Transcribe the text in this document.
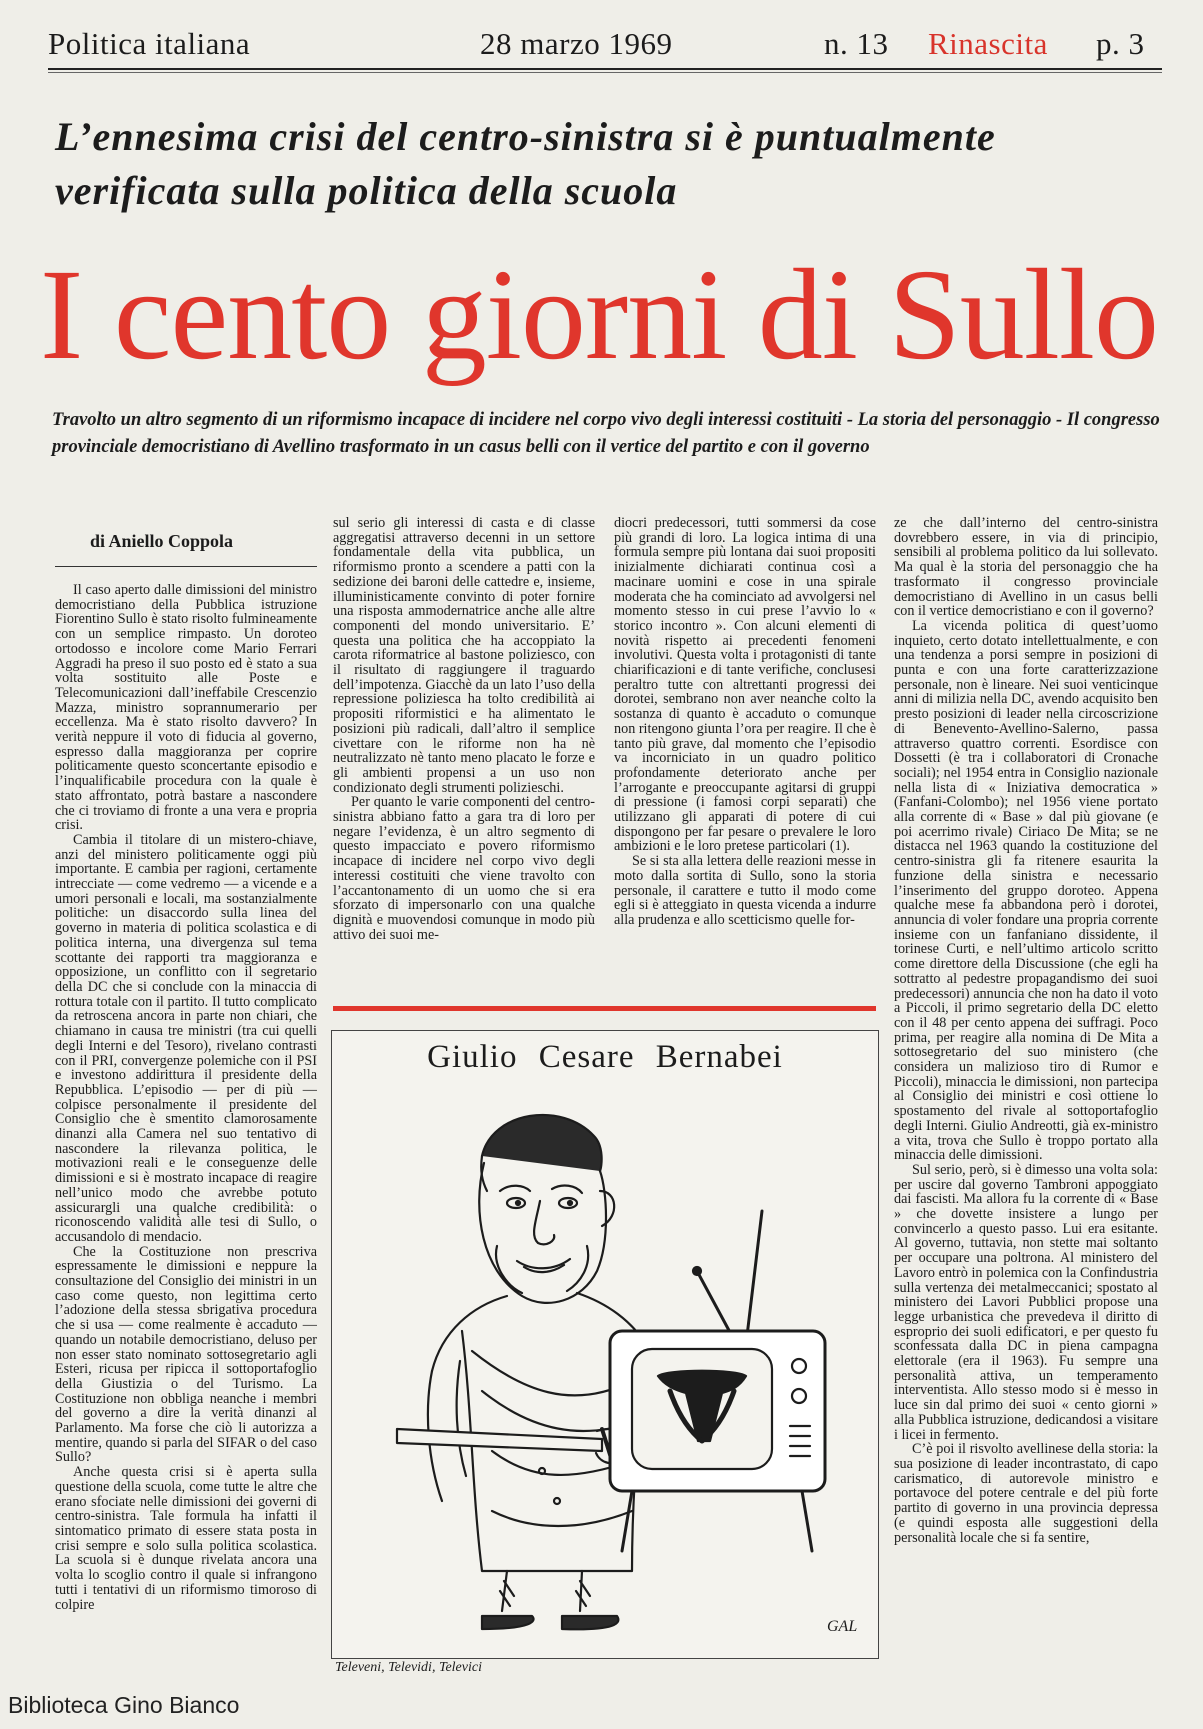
Politica italiana	28 marzo 1969	n. 13 Rinascita p. 3
L’ennesima crisi del centro-sinistra si è puntualmente verificata sulla politica della scuola
I cento giorni di Sullo
Travolto un altro segmento di un riformismo incapace di incidere nel corpo vivo degli interessi costituiti - La storia del personaggio - Il congresso provinciale democristiano di Avellino trasformato in un casus belli con il vertice del partito e con il governo
di Aniello Coppola

Il caso aperto dalle dimissioni del ministro democristiano della Pubblica istruzione Fiorentino Sullo è stato risolto fulmineamente con un semplice rimpasto. Un doroteo ortodosso e incolore come Mario Ferrari Aggradi ha preso il suo posto ed è stato a sua volta sostituito alle Poste e Telecomunicazioni dall’ineffabile Crescenzio Mazza, ministro soprannumerario per eccellenza. Ma è stato risolto davvero? In verità neppure il voto di fiducia al governo, espresso dalla maggioranza per coprire politicamente questo sconcertante episodio e l’inqualificabile procedura con la quale è stato affrontato, potrà bastare a nascondere che ci troviamo di fronte a una vera e propria crisi.

Cambia il titolare di un mistero-chiave, anzi del ministero politicamente oggi più importante. E cambia per ragioni, certamente intrecciate — come vedremo — a vicende e a umori personali e locali, ma sostanzialmente politiche: un disaccordo sulla linea del governo in materia di politica scolastica e di politica interna, una divergenza sul tema scottante dei rapporti tra maggioranza e opposizione, un conflitto con il segretario della DC che si conclude con la minaccia di rottura totale con il partito. Il tutto complicato da retroscena ancora in parte non chiari, che chiamano in causa tre ministri (tra cui quelli degli Interni e del Tesoro), rivelano contrasti con il PRI, convergenze polemiche con il PSI e investono addirittura il presidente della Repubblica. L’episodio — per di più — colpisce personalmente il presidente del Consiglio che è smentito clamorosamente dinanzi alla Camera nel suo tentativo di nascondere la rilevanza politica, le motivazioni reali e le conseguenze delle dimissioni e si è mostrato incapace di reagire nell’unico modo che avrebbe potuto assicurargli una qualche credibilità: o riconoscendo validità alle tesi di Sullo, o accusandolo di mendacio.

Che la Costituzione non prescriva espressamente le dimissioni e neppure la consultazione del Consiglio dei ministri in un caso come questo, non legittima certo l’adozione della stessa sbrigativa procedura che si usa — come realmente è accaduto — quando un notabile democristiano, deluso per non esser stato nominato sottosegretario agli Esteri, ricusa per ripicca il sottoportafoglio della Giustizia o del Turismo. La Costituzione non obbliga neanche i membri del governo a dire la verità dinanzi al Parlamento. Ma forse che ciò li autorizza a mentire, quando si parla del SIFAR o del caso Sullo?

Anche questa crisi si è aperta sulla questione della scuola, come tutte le altre che erano sfociate nelle dimissioni dei governi di centro-sinistra. Tale formula ha infatti il sintomatico primato di essere stata posta in crisi sempre e solo sulla politica scolastica. La scuola si è dunque rivelata ancora una volta lo scoglio contro il quale si infrangono tutti i tentativi di un riformismo timoroso di colpire

sul serio gli interessi di casta e di classe aggregatisi attraverso decenni in un settore fondamentale della vita pubblica, un riformismo pronto a scendere a patti con la sedizione dei baroni delle cattedre e, insieme, illuministicamente convinto di poter fornire una risposta ammodernatrice anche alle altre componenti del mondo universitario. E’ questa una politica che ha accoppiato la carota riformatrice al bastone poliziesco, con il risultato di raggiungere il traguardo dell’impotenza. Giacchè da un lato l’uso della repressione poliziesca ha tolto credibilità ai propositi riformistici e ha alimentato le posizioni più radicali, dall’altro il semplice civettare con le riforme non ha nè neutralizzato nè tanto meno placato le forze e gli ambienti propensi a un uso non condizionato degli strumenti polizieschi.

Per quanto le varie componenti del centro-sinistra abbiano fatto a gara tra di loro per negare l’evidenza, è un altro segmento di questo impacciato e povero riformismo incapace di incidere nel corpo vivo degli interessi costituiti che viene travolto con l’accantonamento di un uomo che si era sforzato di impersonarlo con una qualche dignità e muovendosi comunque in modo più attivo dei suoi me-

diocri predecessori, tutti sommersi da cose più grandi di loro. La logica intima di una formula sempre più lontana dai suoi propositi inizialmente dichiarati continua così a macinare uomini e cose in una spirale moderata che ha cominciato ad avvolgersi nel momento stesso in cui prese l’avvio lo « storico incontro ». Con alcuni elementi di novità rispetto ai precedenti fenomeni involutivi. Questa volta i protagonisti di tante chiarificazioni e di tante verifiche, conclusesi peraltro tutte con altrettanti progressi dei dorotei, sembrano non aver neanche colto la sostanza di quanto è accaduto o comunque non ritengono giunta l’ora per reagire. Il che è tanto più grave, dal momento che l’episodio va incorniciato in un quadro politico profondamente deteriorato anche per l’arrogante e preoccupante agitarsi di gruppi di pressione (i famosi corpi separati) che utilizzano gli apparati di potere di cui dispongono per far pesare o prevalere le loro ambizioni e le loro pretese particolari (1).

Se si sta alla lettera delle reazioni messe in moto dalla sortita di Sullo, sono la storia personale, il carattere e tutto il modo come egli si è atteggiato in questa vicenda a indurre alla prudenza e allo scetticismo quelle for-

ze che dall’interno del centro-sinistra dovrebbero essere, in via di principio, sensibili al problema politico da lui sollevato. Ma qual è la storia del personaggio che ha trasformato il congresso provinciale democristiano di Avellino in un casus belli con il vertice democristiano e con il governo?

La vicenda politica di quest’uomo inquieto, certo dotato intellettualmente, e con una tendenza a porsi sempre in posizioni di punta e con una forte caratterizzazione personale, non è lineare. Nei suoi venticinque anni di milizia nella DC, avendo acquisito ben presto posizioni di leader nella circoscrizione di Benevento-Avellino-Salerno, passa attraverso quattro correnti. Esordisce con Dossetti (è tra i collaboratori di Cronache sociali); nel 1954 entra in Consiglio nazionale nella lista di « Iniziativa democratica » (Fanfani-Colombo); nel 1956 viene portato alla corrente di « Base » dal più giovane (e poi acerrimo rivale) Ciriaco De Mita; se ne distacca nel 1963 quando la costituzione del centro-sinistra gli fa ritenere esaurita la funzione della sinistra e necessario l’inserimento del gruppo doroteo. Appena qualche mese fa abbandona però i dorotei, annuncia di voler fondare una propria corrente insieme con un fanfaniano dissidente, il torinese Curti, e nell’ultimo articolo scritto come direttore della Discussione (che egli ha sottratto al pedestre propagandismo dei suoi predecessori) annuncia che non ha dato il voto a Piccoli, il primo segretario della DC eletto con il 48 per cento appena dei suffragi. Poco prima, per reagire alla nomina di De Mita a sottosegretario del suo ministero (che considera un malizioso tiro di Rumor e Piccoli), minaccia le dimissioni, non partecipa al Consiglio dei ministri e così ottiene lo spostamento del rivale al sottoportafoglio degli Interni. Giulio Andreotti, già ex-ministro a vita, trova che Sullo è troppo portato alla minaccia delle dimissioni.

Sul serio, però, si è dimesso una volta sola: per uscire dal governo Tambroni appoggiato dai fascisti. Ma allora fu la corrente di « Base » che dovette insistere a lungo per convincerlo a questo passo. Lui era esitante. Al governo, tuttavia, non stette mai soltanto per occupare una poltrona. Al ministero del Lavoro entrò in polemica con la Confindustria sulla vertenza dei metalmeccanici; spostato al ministero dei Lavori Pubblici propose una legge urbanistica che prevedeva il diritto di esproprio dei suoli edificatori, e per questo fu sconfessata dalla DC in piena campagna elettorale (era il 1963). Fu sempre una personalità attiva, un temperamento interventista. Allo stesso modo si è messo in luce sin dal primo dei suoi « cento giorni » alla Pubblica istruzione, dedicandosi a visitare i licei in fermento.

C’è poi il risvolto avellinese della storia: la sua posizione di leader incontrastato, di capo carismatico, di autorevole ministro e portavoce del potere centrale e del più forte partito di governo in una provincia depressa (e quindi esposta alle suggestioni della personalità locale che si fa sentire,

Giulio Cesare Bernabei
GAL
Televeni, Televidi, Televici
Biblioteca Gino Bianco
